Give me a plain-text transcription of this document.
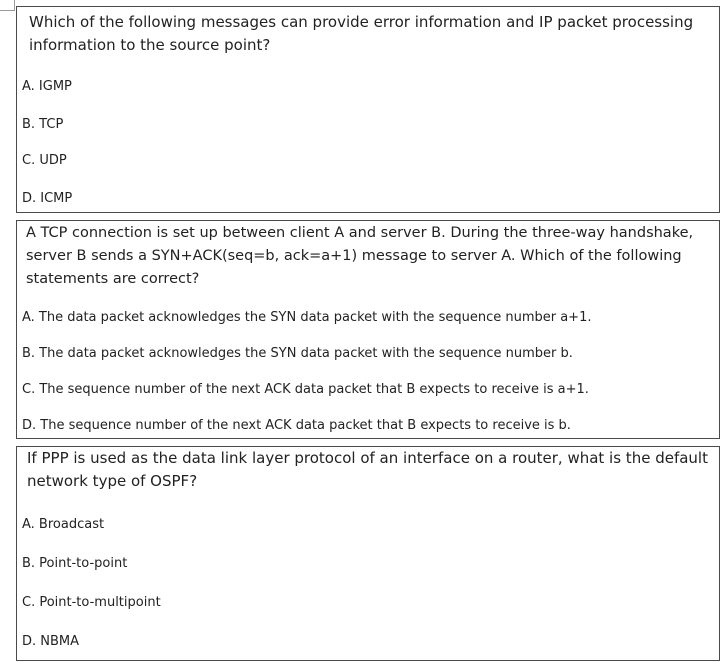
Which of the following messages can provide error information and IP packet processing information to the source point?
A. IGMP
B. TCP
C. UDP
D. ICMP
A TCP connection is set up between client A and server B. During the three-way handshake, server B sends a SYN+ACK(seq=b, ack=a+1) message to server A. Which of the following statements are correct?
A. The data packet acknowledges the SYN data packet with the sequence number a+1.
B. The data packet acknowledges the SYN data packet with the sequence number b.
C. The sequence number of the next ACK data packet that B expects to receive is a+1.
D. The sequence number of the next ACK data packet that B expects to receive is b.
If PPP is used as the data link layer protocol of an interface on a router, what is the default network type of OSPF?
A. Broadcast
B. Point-to-point
C. Point-to-multipoint
D. NBMA
